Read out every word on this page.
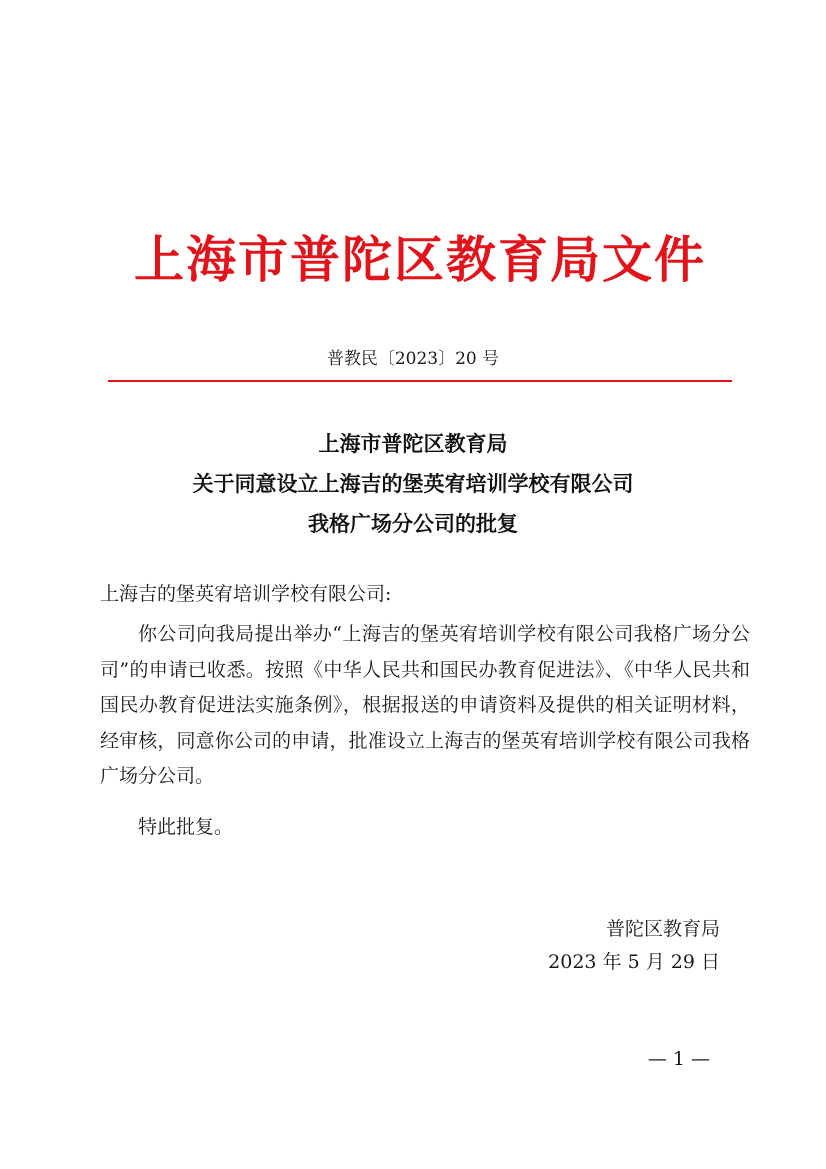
上海市普陀区教育局文件
普教民〔2023〕20 号
上海市普陀区教育局
关于同意设立上海吉的堡英宥培训学校有限公司
我格广场分公司的批复
上海吉的堡英宥培训学校有限公司:
你公司向我局提出举办“上海吉的堡英宥培训学校有限公司我格广场分公司”的申请已收悉。按照《中华人民共和国民办教育促进法》、《中华人民共和国民办教育促进法实施条例》，根据报送的申请资料及提供的相关证明材料，经审核，同意你公司的申请，批准设立上海吉的堡英宥培训学校有限公司我格广场分公司。
特此批复。
普陀区教育局
2023 年 5 月 29 日
— 1 —
